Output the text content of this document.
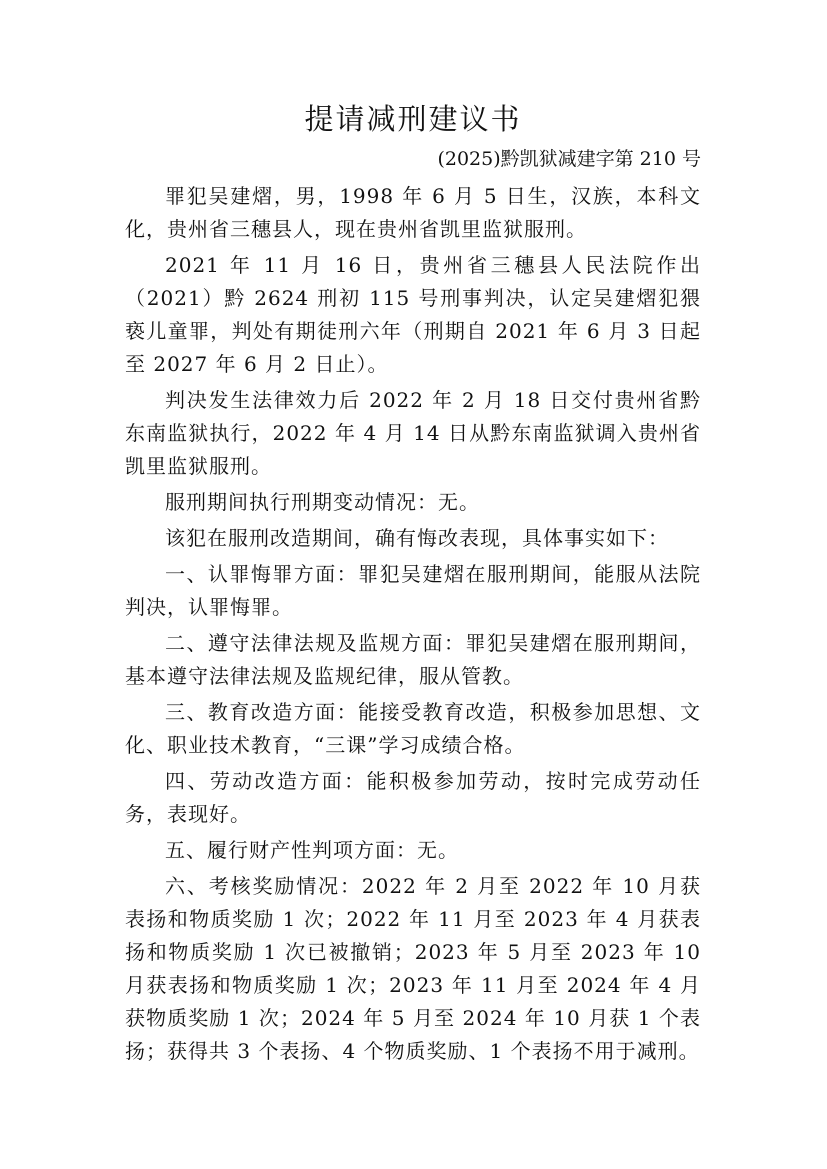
提请减刑建议书
(2025)黔凯狱减建字第 210 号

罪犯吴建熠，男，1998 年 6 月 5 日生，汉族，本科文化，贵州省三穗县人，现在贵州省凯里监狱服刑。

2021 年 11 月 16 日，贵州省三穗县人民法院作出（2021）黔 2624 刑初 115 号刑事判决，认定吴建熠犯猥亵儿童罪，判处有期徒刑六年（刑期自 2021 年 6 月 3 日起至 2027 年 6 月 2 日止）。

判决发生法律效力后 2022 年 2 月 18 日交付贵州省黔东南监狱执行，2022 年 4 月 14 日从黔东南监狱调入贵州省凯里监狱服刑。

服刑期间执行刑期变动情况：无。

该犯在服刑改造期间，确有悔改表现，具体事实如下：

一、认罪悔罪方面：罪犯吴建熠在服刑期间，能服从法院判决，认罪悔罪。

二、遵守法律法规及监规方面：罪犯吴建熠在服刑期间，基本遵守法律法规及监规纪律，服从管教。

三、教育改造方面：能接受教育改造，积极参加思想、文化、职业技术教育，“三课”学习成绩合格。

四、劳动改造方面：能积极参加劳动，按时完成劳动任务，表现好。

五、履行财产性判项方面：无。

六、考核奖励情况：2022 年 2 月至 2022 年 10 月获表扬和物质奖励 1 次；2022 年 11 月至 2023 年 4 月获表扬和物质奖励 1 次已被撤销；2023 年 5 月至 2023 年 10 月获表扬和物质奖励 1 次；2023 年 11 月至 2024 年 4 月获物质奖励 1 次；2024 年 5 月至 2024 年 10 月获 1 个表扬；获得共 3 个表扬、4 个物质奖励、1 个表扬不用于减刑。
